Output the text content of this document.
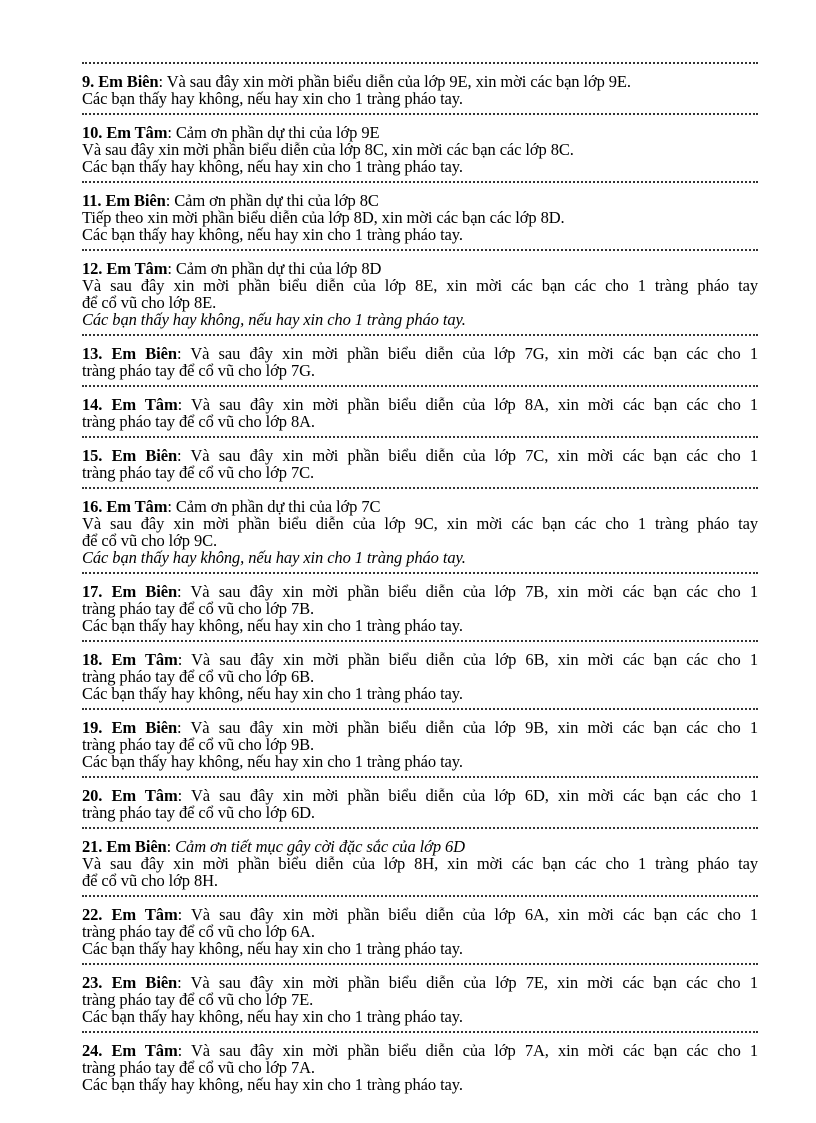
9. Em Biên: Và sau đây xin mời phần biểu diễn của lớp 9E, xin mời các bạn lớp 9E.
Các bạn thấy hay không, nếu hay xin cho 1 tràng pháo tay.
10. Em Tâm: Cảm ơn phần dự thi của lớp 9E
Và sau đây xin mời phần biểu diễn của lớp 8C, xin mời các bạn các lớp 8C.
Các bạn thấy hay không, nếu hay xin cho 1 tràng pháo tay.
11. Em Biên: Cảm ơn phần dự thi của lớp 8C
Tiếp theo xin mời phần biểu diễn của lớp 8D, xin mời các bạn các lớp 8D.
Các bạn thấy hay không, nếu hay xin cho 1 tràng pháo tay.
12. Em Tâm: Cảm ơn phần dự thi của lớp 8D
Và sau đây xin mời phần biểu diễn của lớp 8E, xin mời các bạn các cho 1 tràng pháo tay
để cổ vũ cho lớp 8E.
Các bạn thấy hay không, nếu hay xin cho 1 tràng pháo tay.
13. Em Biên: Và sau đây xin mời phần biểu diễn của lớp 7G, xin mời các bạn các cho 1
tràng pháo tay để cổ vũ cho lớp 7G.
14. Em Tâm: Và sau đây xin mời phần biểu diễn của lớp 8A, xin mời các bạn các cho 1
tràng pháo tay để cổ vũ cho lớp 8A.
15. Em Biên: Và sau đây xin mời phần biểu diễn của lớp 7C, xin mời các bạn các cho 1
tràng pháo tay để cổ vũ cho lớp 7C.
16. Em Tâm: Cảm ơn phần dự thi của lớp 7C
Và sau đây xin mời phần biểu diễn của lớp 9C, xin mời các bạn các cho 1 tràng pháo tay
để cổ vũ cho lớp 9C.
Các bạn thấy hay không, nếu hay xin cho 1 tràng pháo tay.
17. Em Biên: Và sau đây xin mời phần biểu diễn của lớp 7B, xin mời các bạn các cho 1
tràng pháo tay để cổ vũ cho lớp 7B.
Các bạn thấy hay không, nếu hay xin cho 1 tràng pháo tay.
18. Em Tâm: Và sau đây xin mời phần biểu diễn của lớp 6B, xin mời các bạn các cho 1
tràng pháo tay để cổ vũ cho lớp 6B.
Các bạn thấy hay không, nếu hay xin cho 1 tràng pháo tay.
19. Em Biên: Và sau đây xin mời phần biểu diễn của lớp 9B, xin mời các bạn các cho 1
tràng pháo tay để cổ vũ cho lớp 9B.
Các bạn thấy hay không, nếu hay xin cho 1 tràng pháo tay.
20. Em Tâm: Và sau đây xin mời phần biểu diễn của lớp 6D, xin mời các bạn các cho 1
tràng pháo tay để cổ vũ cho lớp 6D.
21. Em Biên: Cảm ơn tiết mục gây cời đặc sắc của lớp 6D
Và sau đây xin mời phần biểu diễn của lớp 8H, xin mời các bạn các cho 1 tràng pháo tay
để cổ vũ cho lớp 8H.
22. Em Tâm: Và sau đây xin mời phần biểu diễn của lớp 6A, xin mời các bạn các cho 1
tràng pháo tay để cổ vũ cho lớp 6A.
Các bạn thấy hay không, nếu hay xin cho 1 tràng pháo tay.
23. Em Biên: Và sau đây xin mời phần biểu diễn của lớp 7E, xin mời các bạn các cho 1
tràng pháo tay để cổ vũ cho lớp 7E.
Các bạn thấy hay không, nếu hay xin cho 1 tràng pháo tay.
24. Em Tâm: Và sau đây xin mời phần biểu diễn của lớp 7A, xin mời các bạn các cho 1
tràng pháo tay để cổ vũ cho lớp 7A.
Các bạn thấy hay không, nếu hay xin cho 1 tràng pháo tay.
